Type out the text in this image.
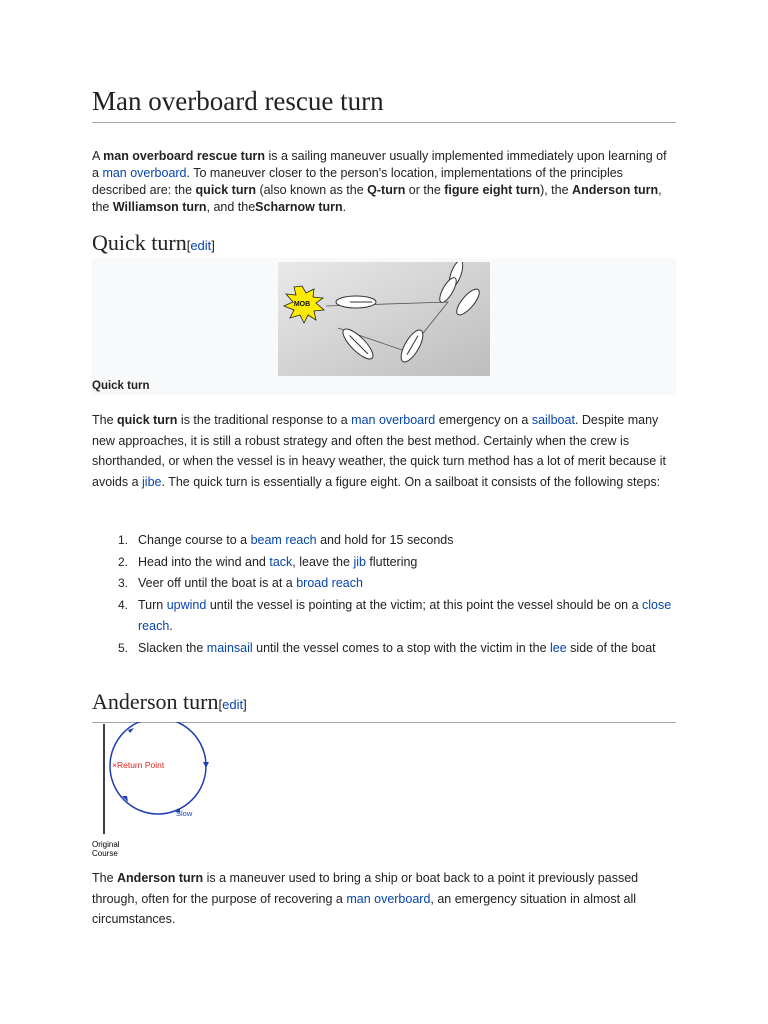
Man overboard rescue turn

A man overboard rescue turn is a sailing maneuver usually implemented immediately upon learning of a man overboard. To maneuver closer to the person's location, implementations of the principles described are: the quick turn (also known as the Q-turn or the figure eight turn), the Anderson turn, the Williamson turn, and theScharnow turn.

Quick turn[edit]
MOB
Quick turn

The quick turn is the traditional response to a man overboard emergency on a sailboat. Despite many new approaches, it is still a robust strategy and often the best method. Certainly when the crew is shorthanded, or when the vessel is in heavy weather, the quick turn method has a lot of merit because it avoids a jibe. The quick turn is essentially a figure eight. On a sailboat it consists of the following steps:

1. Change course to a beam reach and hold for 15 seconds
2. Head into the wind and tack, leave the jib fluttering
3. Veer off until the boat is at a broad reach
4. Turn upwind until the vessel is pointing at the victim; at this point the vessel should be on a close reach.
5. Slacken the mainsail until the vessel comes to a stop with the victim in the lee side of the boat
Anderson turn[edit]
×Return Point
Slow
Original
Course

The Anderson turn is a maneuver used to bring a ship or boat back to a point it previously passed through, often for the purpose of recovering a man overboard, an emergency situation in almost all circumstances.
